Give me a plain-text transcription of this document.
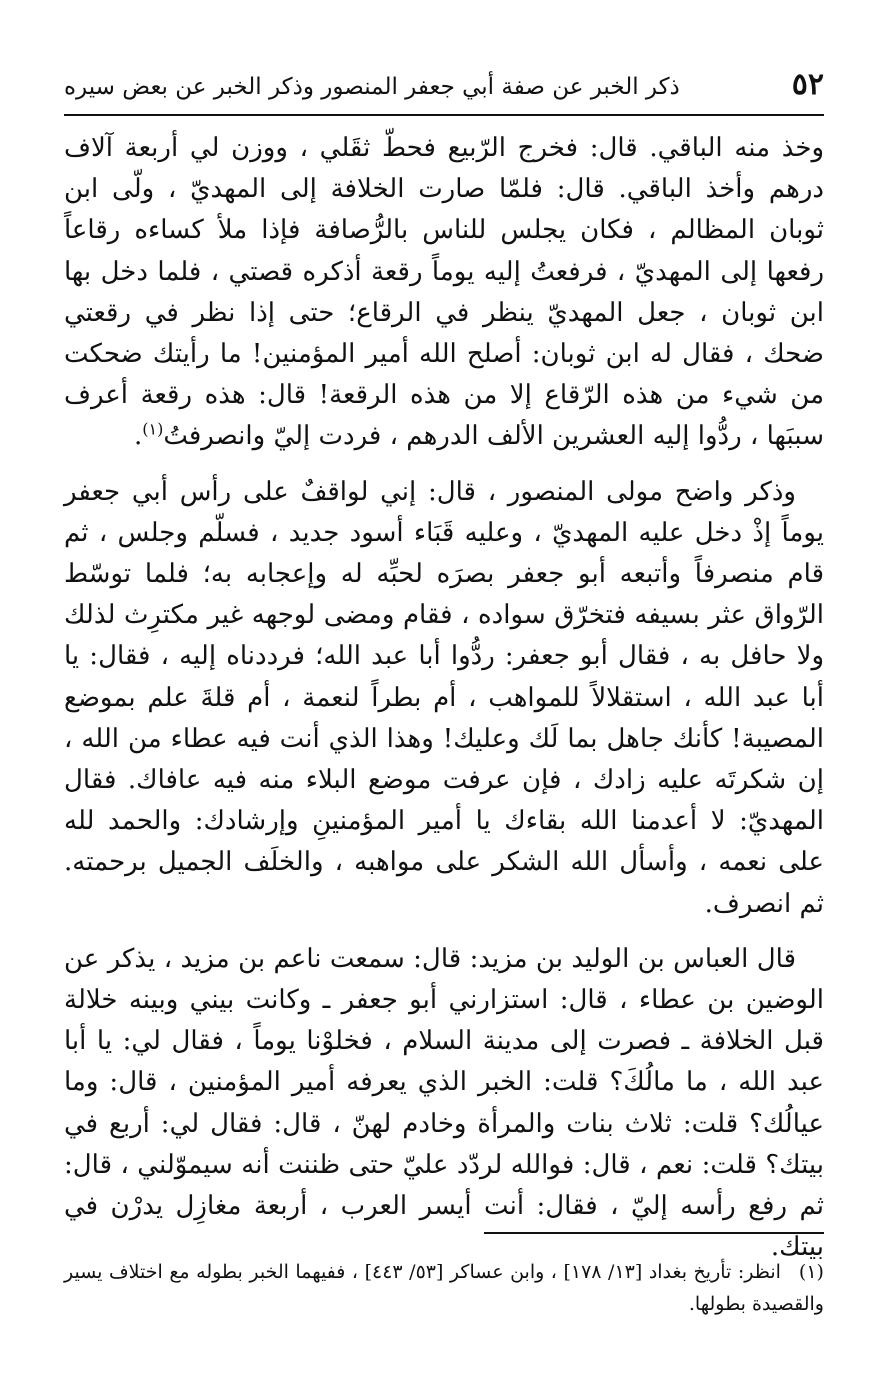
٥٢
ذكر الخبر عن صفة أبي جعفر المنصور وذكر الخبر عن بعض سيره

وخذ منه الباقي. قال: فخرج الرّبيع فحطّ ثقَلي ، ووزن لي أربعة آلاف درهم وأخذ الباقي. قال: فلمّا صارت الخلافة إلى المهديّ ، ولّى ابن ثوبان المظالم ، فكان يجلس للناس بالرُّصافة فإذا ملأ كساءه رقاعاً رفعها إلى المهديّ ، فرفعتُ إليه يوماً رقعة أذكره قصتي ، فلما دخل بها ابن ثوبان ، جعل المهديّ ينظر في الرقاع؛ حتى إذا نظر في رقعتي ضحك ، فقال له ابن ثوبان: أصلح الله أمير المؤمنين! ما رأيتك ضحكت من شيء من هذه الرّقاع إلا من هذه الرقعة! قال: هذه رقعة أعرف سببَها ، ردُّوا إليه العشرين الألف الدرهم ، فردت إليّ وانصرفتُ$^{(١)}$.

وذكر واضح مولى المنصور ، قال: إني لواقفٌ على رأس أبي جعفر يوماً إذْ دخل عليه المهديّ ، وعليه قَبَاء أسود جديد ، فسلّم وجلس ، ثم قام منصرفاً وأتبعه أبو جعفر بصرَه لحبِّه له وإعجابه به؛ فلما توسّط الرّواق عثر بسيفه فتخرّق سواده ، فقام ومضى لوجهه غير مكترِث لذلك ولا حافل به ، فقال أبو جعفر: ردُّوا أبا عبد الله؛ فرددناه إليه ، فقال: يا أبا عبد الله ، استقلالاً للمواهب ، أم بطراً لنعمة ، أم قلةَ علم بموضع المصيبة! كأنك جاهل بما لَك وعليك! وهذا الذي أنت فيه عطاء من الله ، إن شكرتَه عليه زادك ، فإن عرفت موضع البلاء منه فيه عافاك. فقال المهديّ: لا أعدمنا الله بقاءك يا أمير المؤمنينِ وإرشادك: والحمد لله على نعمه ، وأسأل الله الشكر على مواهبه ، والخلَف الجميل برحمته. ثم انصرف.

قال العباس بن الوليد بن مزيد: قال: سمعت ناعم بن مزيد ، يذكر عن الوضين بن عطاء ، قال: استزارني أبو جعفر ـ وكانت بيني وبينه خلالة قبل الخلافة ـ فصرت إلى مدينة السلام ، فخلوْنا يوماً ، فقال لي: يا أبا عبد الله ، ما مالُكَ؟ قلت: الخبر الذي يعرفه أمير المؤمنين ، قال: وما عيالُك؟ قلت: ثلاث بنات والمرأة وخادم لهنّ ، قال: فقال لي: أربع في بيتك؟ قلت: نعم ، قال: فوالله لردّد عليّ حتى ظننت أنه سيموّلني ، قال: ثم رفع رأسه إليّ ، فقال: أنت أيسر العرب ، أربعة مغازِل يدرْن في بيتك.

(١)انظر: تأريخ بغداد [١٣/ ١٧٨] ، وابن عساكر [٥٣/ ٤٤٣] ، ففيهما الخبر بطوله مع اختلاف يسير والقصيدة بطولها.
